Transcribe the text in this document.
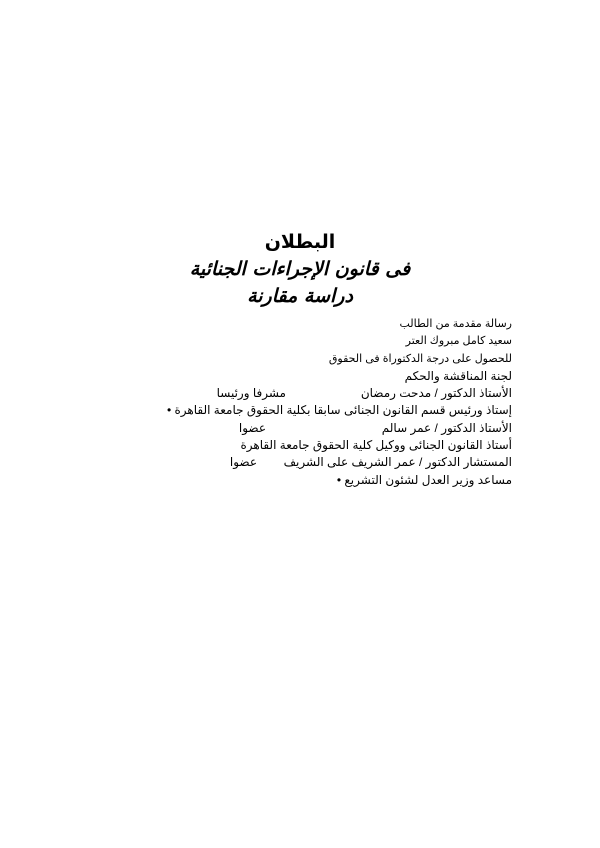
البطلان
فى قانون الإجراءات الجنائية
دراسة مقارنة
رسالة مقدمة من الطالب
سعيد كامل مبروك العتر
للحصول على درجة الدكتوراة فى الحقوق
لجنة المناقشة والحكم
الأستاذ الدكتور / مدحت رمضان
مشرفا ورئيسا
إستاذ ورئيس قسم القانون الجنائى سابقا بكلية الحقوق جامعة القاهرة •
الأستاذ الدكتور / عمر سالم
عضوا
أستاذ القانون الجنائى ووكيل كلية الحقوق جامعة القاهرة
المستشار الدكتور / عمر الشريف على الشريف
عضوا
مساعد وزير العدل لشئون التشريع •
